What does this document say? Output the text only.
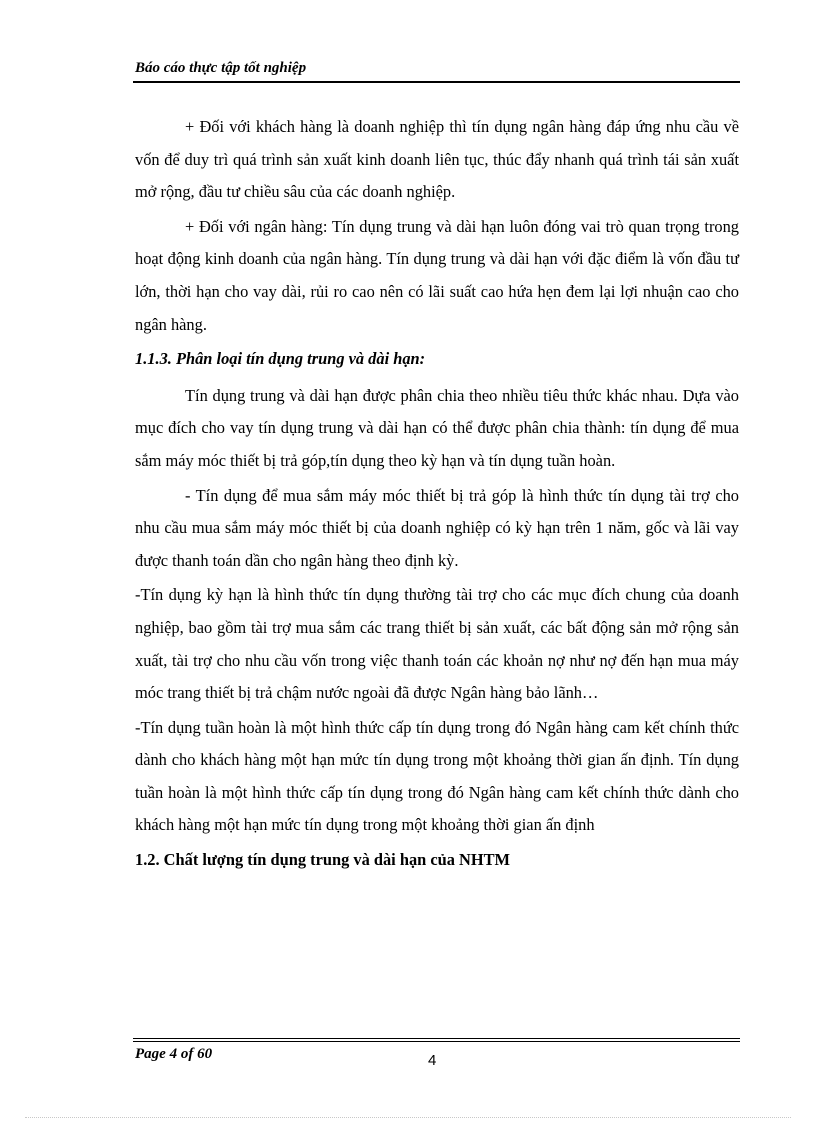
Báo cáo thực tập tốt nghiệp

+ Đối với khách hàng là doanh nghiệp thì tín dụng ngân hàng đáp ứng nhu cầu về vốn để duy trì quá trình sản xuất kinh doanh liên tục, thúc đẩy nhanh quá trình tái sản xuất mở rộng, đầu tư chiều sâu của các doanh nghiệp.

+ Đối với ngân hàng: Tín dụng trung và dài hạn luôn đóng vai trò quan trọng trong hoạt động kinh doanh của ngân hàng. Tín dụng trung và dài hạn với đặc điểm là vốn đầu tư lớn, thời hạn cho vay dài, rủi ro cao nên có lãi suất cao hứa hẹn đem lại lợi nhuận cao cho ngân hàng.

1.1.3. Phân loại tín dụng trung và dài hạn:

Tín dụng trung và dài hạn được phân chia theo nhiều tiêu thức khác nhau. Dựa vào mục đích cho vay tín dụng trung và dài hạn có thể được phân chia thành: tín dụng để mua sắm máy móc thiết bị trả góp,tín dụng theo kỳ hạn và tín dụng tuần hoàn.

- Tín dụng để mua sắm máy móc thiết bị trả góp là hình thức tín dụng tài trợ cho nhu cầu mua sắm máy móc thiết bị của doanh nghiệp có kỳ hạn trên 1 năm, gốc và lãi vay được thanh toán dần cho ngân hàng theo định kỳ.

-Tín dụng kỳ hạn là hình thức tín dụng thường tài trợ cho các mục đích chung của doanh nghiệp, bao gồm tài trợ mua sắm các trang thiết bị sản xuất, các bất động sản mở rộng sản xuất, tài trợ cho nhu cầu vốn trong việc thanh toán các khoản nợ như nợ đến hạn mua máy móc trang thiết bị trả chậm nước ngoài đã được Ngân hàng bảo lãnh…

-Tín dụng tuần hoàn là một hình thức cấp tín dụng trong đó Ngân hàng cam kết chính thức dành cho khách hàng một hạn mức tín dụng trong một khoảng thời gian ấn định. Tín dụng tuần hoàn là một hình thức cấp tín dụng trong đó Ngân hàng cam kết chính thức dành cho khách hàng một hạn mức tín dụng trong một khoảng thời gian ấn định

1.2. Chất lượng tín dụng trung và dài hạn của NHTM

Page 4 of 60	4
